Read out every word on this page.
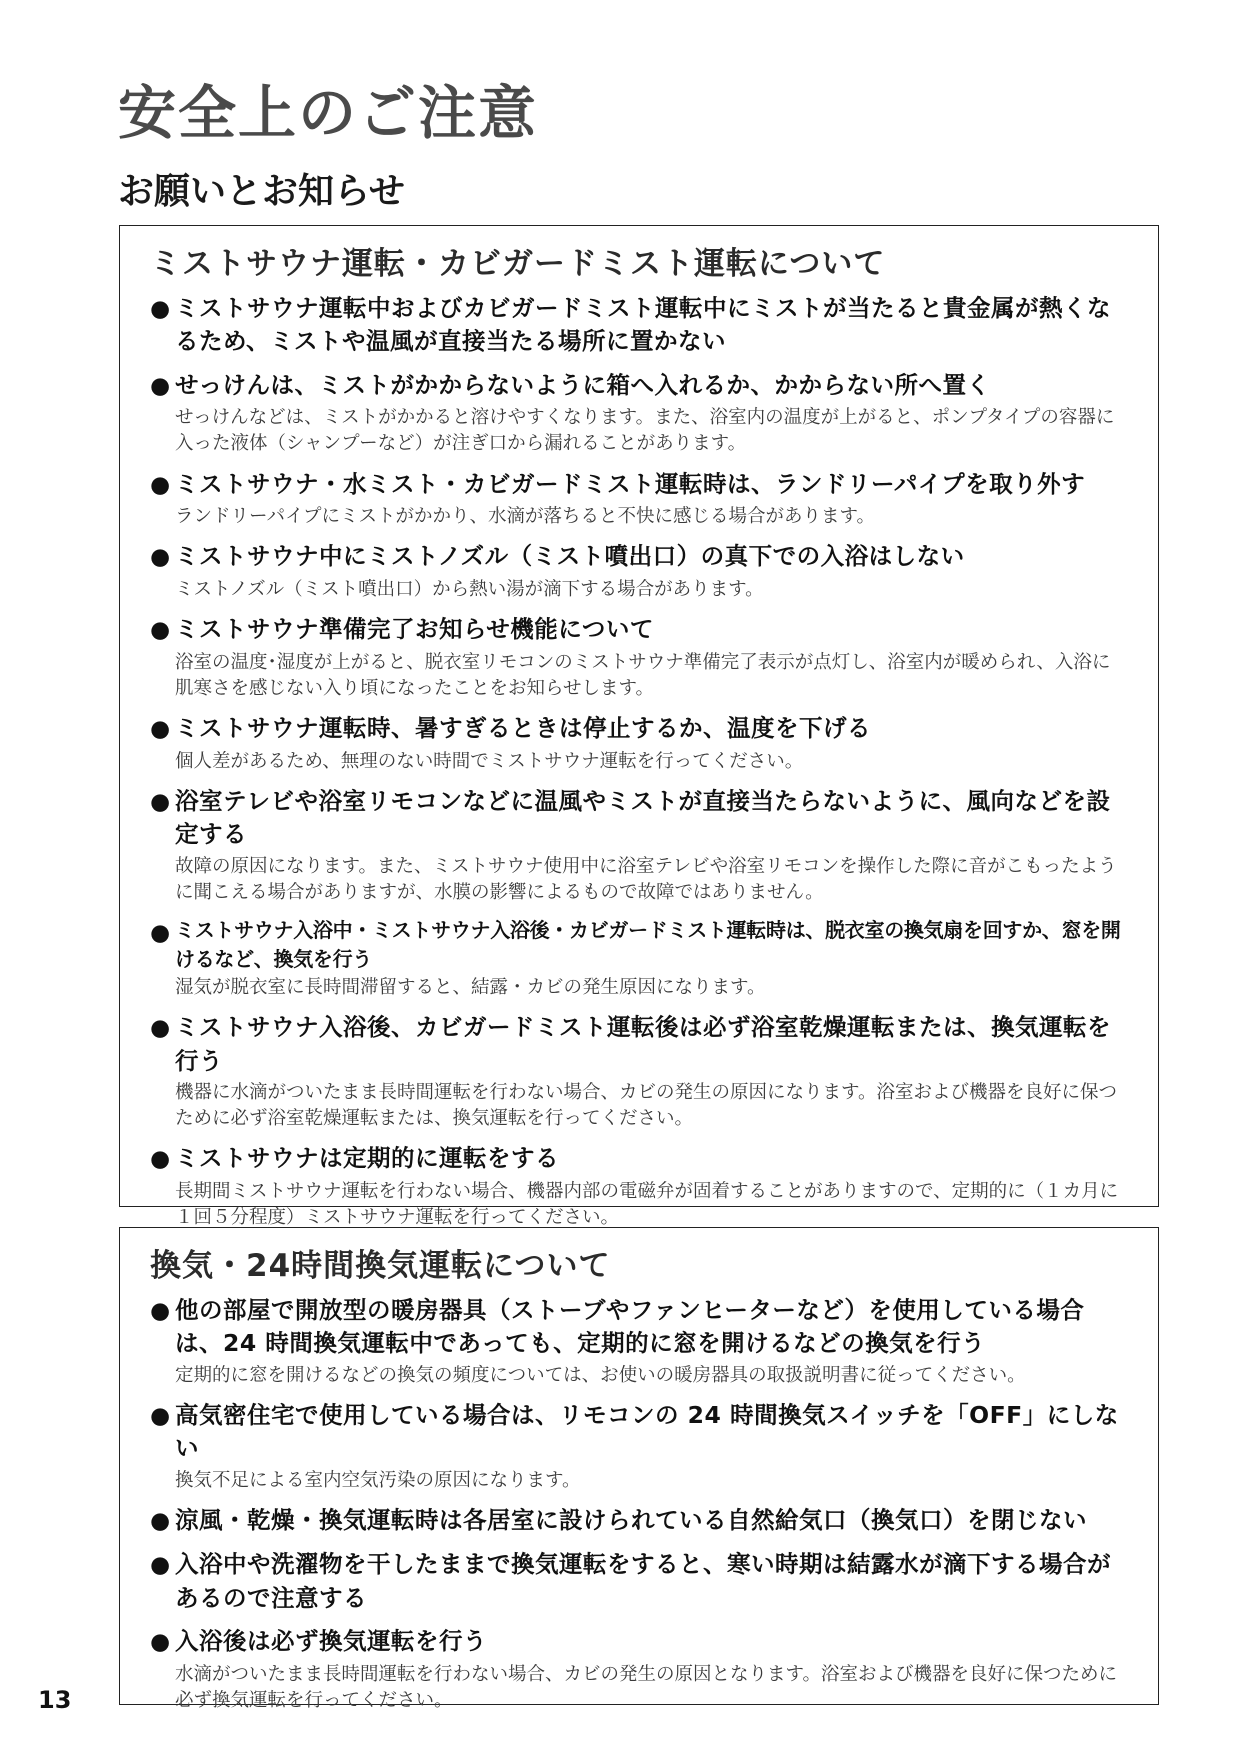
安全上のご注意
お願いとお知らせ
ミストサウナ運転・カビガードミスト運転について
● ミストサウナ運転中およびカビガードミスト運転中にミストが当たると貴金属が熱くなるため、ミストや温風が直接当たる場所に置かない
● せっけんは、ミストがかからないように箱へ入れるか、かからない所へ置く
せっけんなどは、ミストがかかると溶けやすくなります。また、浴室内の温度が上がると、ポンプタイプの容器に入った液体（シャンプーなど）が注ぎ口から漏れることがあります。
● ミストサウナ・水ミスト・カビガードミスト運転時は、ランドリーパイプを取り外す
ランドリーパイプにミストがかかり、水滴が落ちると不快に感じる場合があります。
● ミストサウナ中にミストノズル（ミスト噴出口）の真下での入浴はしない
ミストノズル（ミスト噴出口）から熱い湯が滴下する場合があります。
● ミストサウナ準備完了お知らせ機能について
浴室の温度･湿度が上がると、脱衣室リモコンのミストサウナ準備完了表示が点灯し、浴室内が暖められ、入浴に肌寒さを感じない入り頃になったことをお知らせします。
● ミストサウナ運転時、暑すぎるときは停止するか、温度を下げる
個人差があるため、無理のない時間でミストサウナ運転を行ってください。
● 浴室テレビや浴室リモコンなどに温風やミストが直接当たらないように、風向などを設定する
故障の原因になります。また、ミストサウナ使用中に浴室テレビや浴室リモコンを操作した際に音がこもったように聞こえる場合がありますが、水膜の影響によるもので故障ではありません。
● ミストサウナ入浴中・ミストサウナ入浴後・カビガードミスト運転時は、脱衣室の換気扇を回すか、窓を開けるなど、換気を行う
湿気が脱衣室に長時間滞留すると、結露・カビの発生原因になります。
● ミストサウナ入浴後、カビガードミスト運転後は必ず浴室乾燥運転または、換気運転を行う
機器に水滴がついたまま長時間運転を行わない場合、カビの発生の原因になります。浴室および機器を良好に保つために必ず浴室乾燥運転または、換気運転を行ってください。
● ミストサウナは定期的に運転をする
長期間ミストサウナ運転を行わない場合、機器内部の電磁弁が固着することがありますので、定期的に（１カ月に１回５分程度）ミストサウナ運転を行ってください。
換気・24時間換気運転について
● 他の部屋で開放型の暖房器具（ストーブやファンヒーターなど）を使用している場合は、24 時間換気運転中であっても、定期的に窓を開けるなどの換気を行う
定期的に窓を開けるなどの換気の頻度については、お使いの暖房器具の取扱説明書に従ってください。
● 高気密住宅で使用している場合は、リモコンの 24 時間換気スイッチを「OFF」にしない
換気不足による室内空気汚染の原因になります。
● 涼風・乾燥・換気運転時は各居室に設けられている自然給気口（換気口）を閉じない
● 入浴中や洗濯物を干したままで換気運転をすると、寒い時期は結露水が滴下する場合があるので注意する
● 入浴後は必ず換気運転を行う
水滴がついたまま長時間運転を行わない場合、カビの発生の原因となります。浴室および機器を良好に保つために必ず換気運転を行ってください。
13
